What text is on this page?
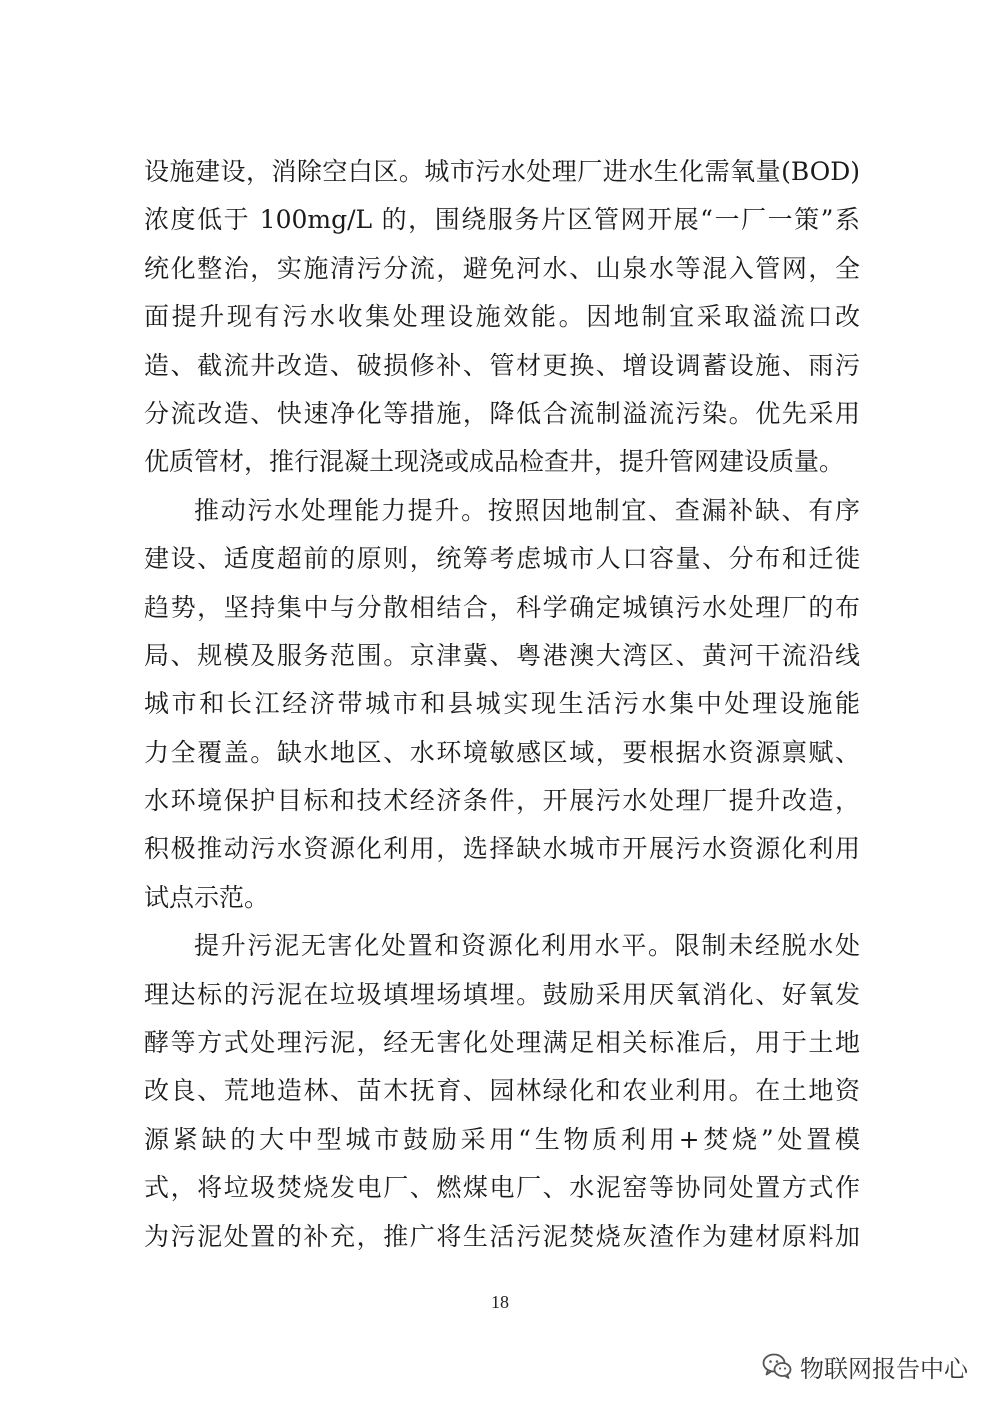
设施建设，消除空白区。城市污水处理厂进水生化需氧量(BOD)
浓度低于 100mg/L 的，围绕服务片区管网开展“一厂一策”系
统化整治，实施清污分流，避免河水、山泉水等混入管网，全
面提升现有污水收集处理设施效能。因地制宜采取溢流口改
造、截流井改造、破损修补、管材更换、增设调蓄设施、雨污
分流改造、快速净化等措施，降低合流制溢流污染。优先采用
优质管材，推行混凝土现浇或成品检查井，提升管网建设质量。
推动污水处理能力提升。按照因地制宜、查漏补缺、有序
建设、适度超前的原则，统筹考虑城市人口容量、分布和迁徙
趋势，坚持集中与分散相结合，科学确定城镇污水处理厂的布
局、规模及服务范围。京津冀、粤港澳大湾区、黄河干流沿线
城市和长江经济带城市和县城实现生活污水集中处理设施能
力全覆盖。缺水地区、水环境敏感区域，要根据水资源禀赋、
水环境保护目标和技术经济条件，开展污水处理厂提升改造，
积极推动污水资源化利用，选择缺水城市开展污水资源化利用
试点示范。
提升污泥无害化处置和资源化利用水平。限制未经脱水处
理达标的污泥在垃圾填埋场填埋。鼓励采用厌氧消化、好氧发
酵等方式处理污泥，经无害化处理满足相关标准后，用于土地
改良、荒地造林、苗木抚育、园林绿化和农业利用。在土地资
源紧缺的大中型城市鼓励采用“生物质利用+焚烧”处置模
式，将垃圾焚烧发电厂、燃煤电厂、水泥窑等协同处置方式作
为污泥处置的补充，推广将生活污泥焚烧灰渣作为建材原料加
18
物联网报告中心
